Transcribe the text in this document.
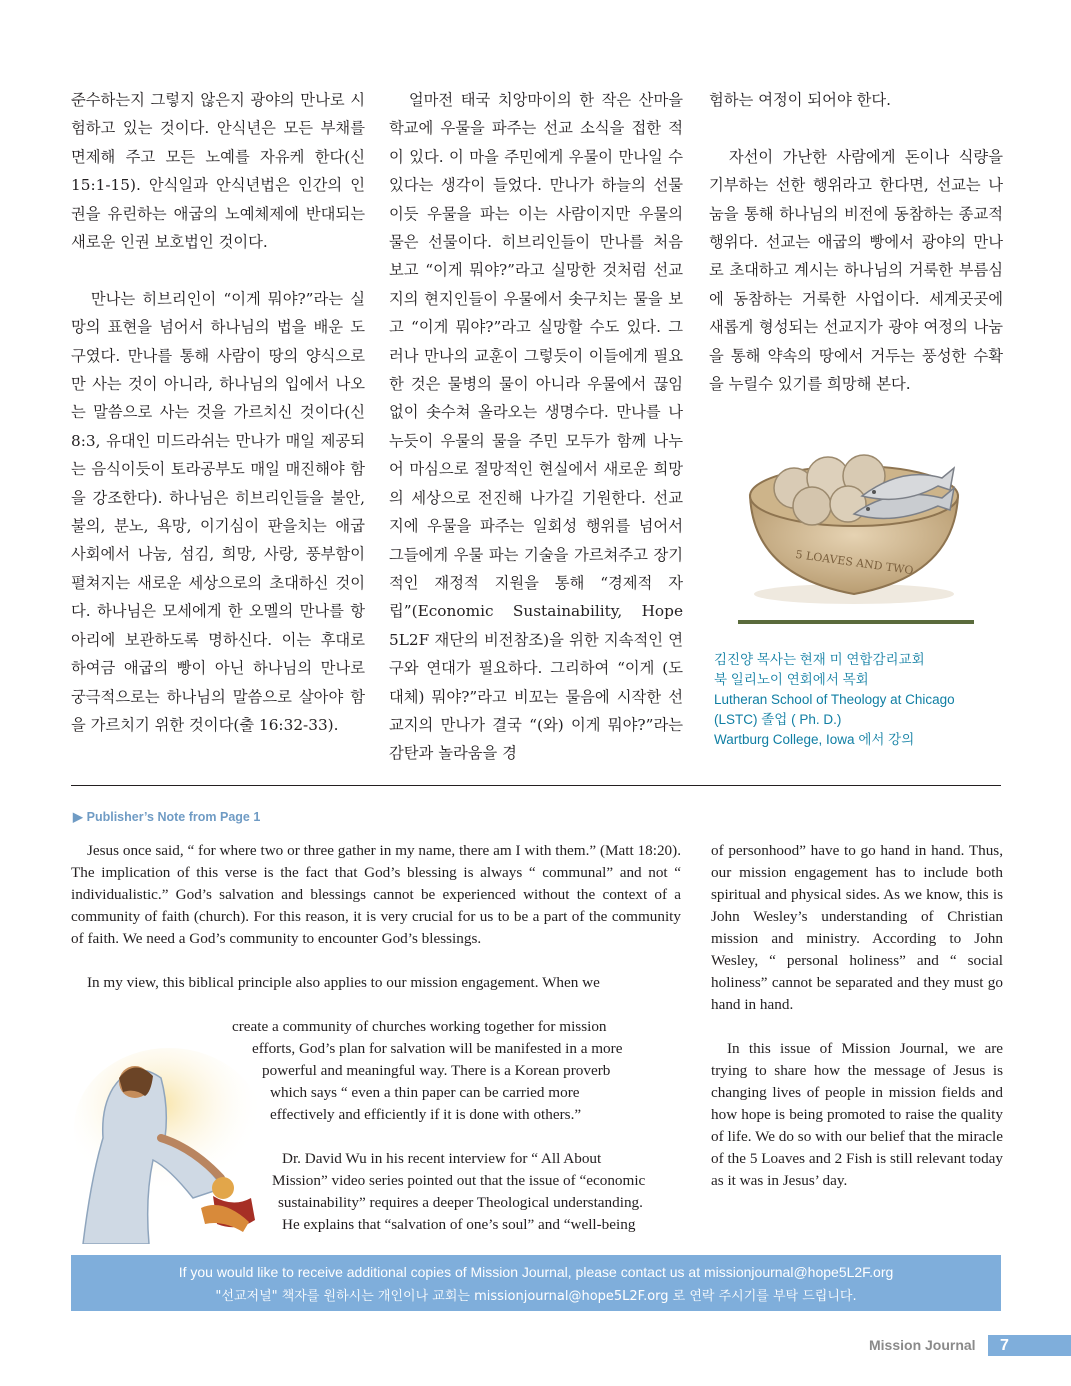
준수하는지 그렇지 않은지 광야의 만나로 시험하고 있는 것이다. 안식년은 모든 부채를 면제해 주고 모든 노예를 자유케 한다(신 15:1-15). 안식일과 안식년법은 인간의 인권을 유린하는 애굽의 노예체제에 반대되는 새로운 인권 보호법인 것이다.

만나는 히브리인이 “이게 뭐야?”라는 실망의 표현을 넘어서 하나님의 법을 배운 도구였다. 만나를 통해 사람이 땅의 양식으로만 사는 것이 아니라, 하나님의 입에서 나오는 말씀으로 사는 것을 가르치신 것이다(신 8:3, 유대인 미드라쉬는 만나가 매일 제공되는 음식이듯이 토라공부도 매일 매진해야 함을 강조한다). 하나님은 히브리인들을 불안, 불의, 분노, 욕망, 이기심이 판을치는 애굽 사회에서 나눔, 섬김, 희망, 사랑, 풍부함이 펼쳐지는 새로운 세상으로의 초대하신 것이다. 하나님은 모세에게 한 오멜의 만나를 항아리에 보관하도록 명하신다. 이는 후대로 하여금 애굽의 빵이 아닌 하나님의 만나로 궁극적으로는 하나님의 말씀으로 살아야 함을 가르치기 위한 것이다(출 16:32-33).

얼마전 태국 치앙마이의 한 작은 산마을 학교에 우물을 파주는 선교 소식을 접한 적이 있다. 이 마을 주민에게 우물이 만나일 수 있다는 생각이 들었다. 만나가 하늘의 선물이듯 우물을 파는 이는 사람이지만 우물의 물은 선물이다. 히브리인들이 만나를 처음 보고 “이게 뭐야?”라고 실망한 것처럼 선교지의 현지인들이 우물에서 솟구치는 물을 보고 “이게 뭐야?”라고 실망할 수도 있다. 그러나 만나의 교훈이 그렇듯이 이들에게 필요한 것은 물병의 물이 아니라 우물에서 끊임없이 솟수쳐 올라오는 생명수다. 만나를 나누듯이 우물의 물을 주민 모두가 함께 나누어 마심으로 절망적인 현실에서 새로운 희망의 세상으로 전진해 나가길 기원한다. 선교지에 우물을 파주는 일회성 행위를 넘어서 그들에게 우물 파는 기술을 가르쳐주고 장기적인 재정적 지원을 통해 “경제적 자립”(Economic Sustainability, Hope 5L2F 재단의 비전참조)을 위한 지속적인 연구와 연대가 필요하다. 그리하여 “이게 (도대체) 뭐야?”라고 비꼬는 물음에 시작한 선교지의 만나가 결국 “(와) 이게 뭐야?”라는 감탄과 놀라움을 경

험하는 여정이 되어야 한다.

자선이 가난한 사람에게 돈이나 식량을 기부하는 선한 행위라고 한다면, 선교는 나눔을 통해 하나님의 비전에 동참하는 종교적 행위다. 선교는 애굽의 빵에서 광야의 만나로 초대하고 계시는 하나님의 거룩한 부름심에 동참하는 거룩한 사업이다. 세계곳곳에 새롭게 형성되는 선교지가 광야 여정의 나눔을 통해 약속의 땅에서 거두는 풍성한 수확을 누릴수 있기를 희망해 본다.

5 LOAVES AND TWO
김진양 목사는 현재 미 연합감리교회
북 일리노이 연회에서 목회
Lutheran School of Theology at Chicago
(LSTC) 졸업 ( Ph. D.)
Wartburg College, Iowa 에서 강의
▶ Publisher’s Note from Page 1

Jesus once said, “ for where two or three gather in my name, there am I with them.” (Matt 18:20). The implication of this verse is the fact that God’s blessing is always “ communal” and not “ individualistic.” God’s salvation and blessings cannot be experienced without the context of a community of faith (church). For this reason, it is very crucial for us to be a part of the community of faith. We need a God’s community to encounter God’s blessings.

In my view, this biblical principle also applies to our mission engagement. When we

create a community of churches working together for mission
efforts, God’s plan for salvation will be manifested in a more
powerful and meaningful way. There is a Korean proverb
which says “ even a thin paper can be carried more
effectively and efficiently if it is done with others.”
Dr. David Wu in his recent interview for “ All About
Mission” video series pointed out that the issue of “economic
sustainability” requires a deeper Theological understanding.
He explains that “salvation of one’s soul” and “well-being

of personhood” have to go hand in hand. Thus, our mission engagement has to include both spiritual and physical sides. As we know, this is John Wesley’s understanding of Christian mission and ministry. According to John Wesley, “ personal holiness” and “ social holiness” cannot be separated and they must go hand in hand.

In this issue of Mission Journal, we are trying to share how the message of Jesus is changing lives of people in mission fields and how hope is being promoted to raise the quality of life. We do so with our belief that the miracle of the 5 Loaves and 2 Fish is still relevant today as it was in Jesus’ day.

If you would like to receive additional copies of Mission Journal, please contact us at missionjournal@hope5L2F.org
"선교저널" 책자를 원하시는 개인이나 교회는 missionjournal@hope5L2F.org 로 연락 주시기를 부탁 드립니다.
Mission Journal	7
